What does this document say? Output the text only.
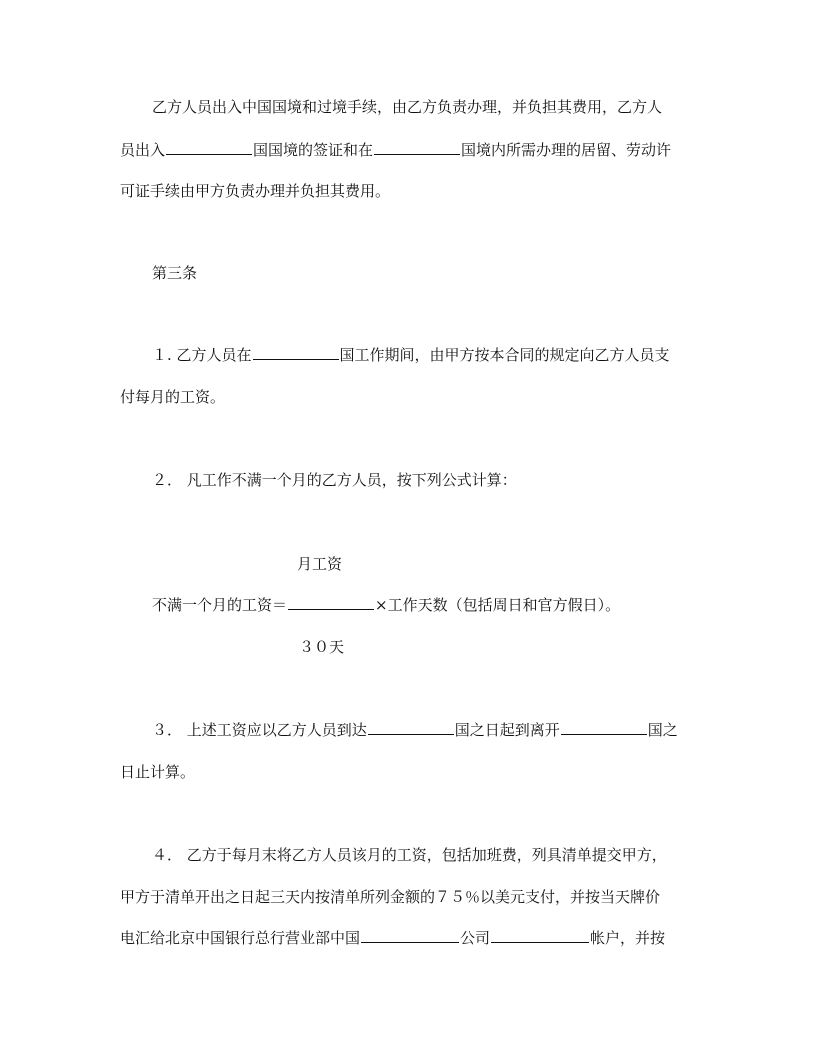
乙方人员出入中国国境和过境手续，由乙方负责办理，并负担其费用，乙方人
员出入	国国境的签证和在	国境内所需办理的居留、劳动许
可证手续由甲方负责办理并负担其费用。
第三条
１. 乙方人员在	国工作期间，由甲方按本合同的规定向乙方人员支
付每月的工资。
２． 凡工作不满一个月的乙方人员，按下列公式计算：
月工资
不满一个月的工资＝	×工作天数（包括周日和官方假日）。
３０天
３． 上述工资应以乙方人员到达	国之日起到离开	国之
日止计算。
４． 乙方于每月末将乙方人员该月的工资，包括加班费，列具清单提交甲方，
甲方于清单开出之日起三天内按清单所列金额的７５％以美元支付，并按当天牌价
电汇给北京中国银行总行营业部中国	公司	帐户，并按
